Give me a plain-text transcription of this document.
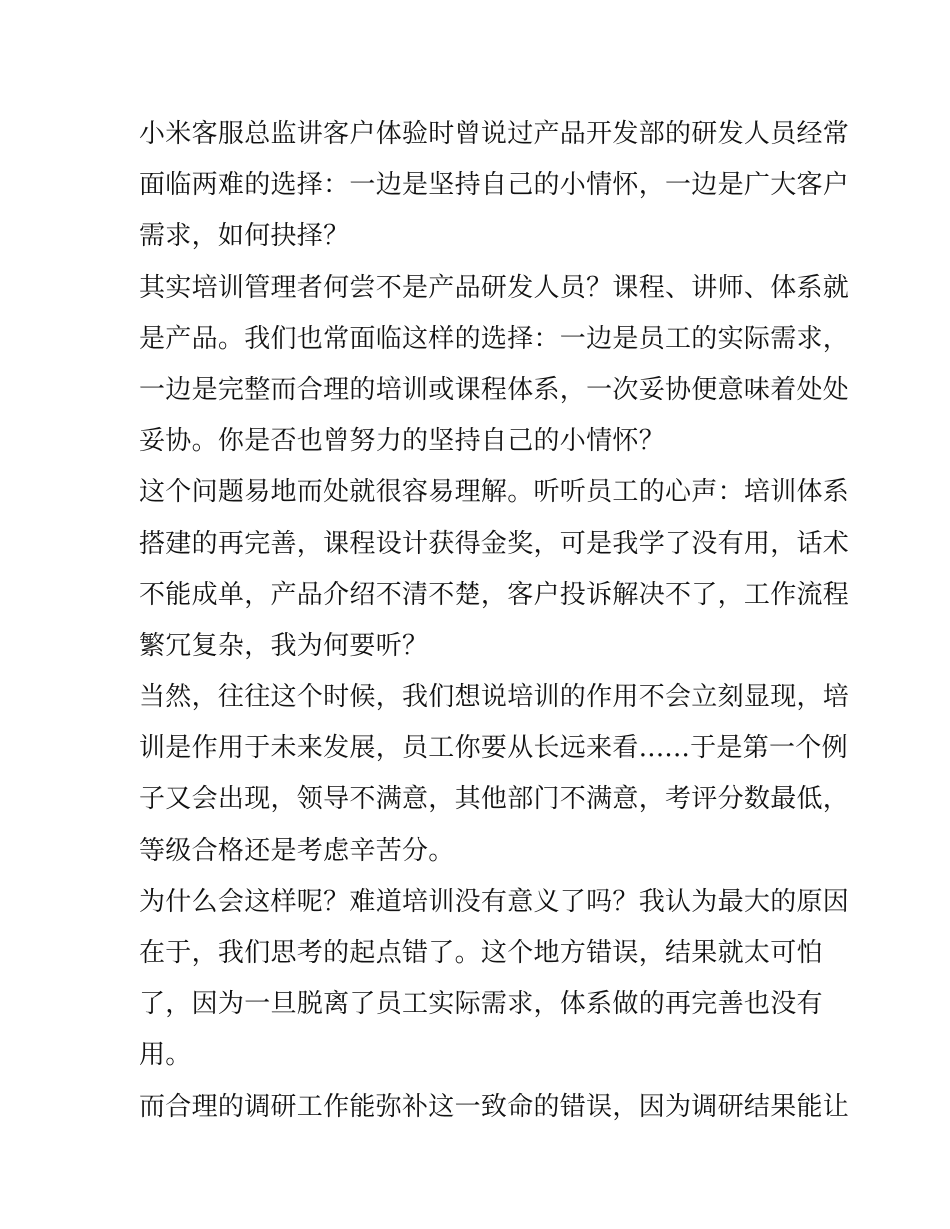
小米客服总监讲客户体验时曾说过产品开发部的研发人员经常
面临两难的选择：一边是坚持自己的小情怀，一边是广大客户
需求，如何抉择？
其实培训管理者何尝不是产品研发人员？课程、讲师、体系就
是产品。我们也常面临这样的选择：一边是员工的实际需求，
一边是完整而合理的培训或课程体系，一次妥协便意味着处处
妥协。你是否也曾努力的坚持自己的小情怀？
这个问题易地而处就很容易理解。听听员工的心声：培训体系
搭建的再完善，课程设计获得金奖，可是我学了没有用，话术
不能成单，产品介绍不清不楚，客户投诉解决不了，工作流程
繁冗复杂，我为何要听？
当然，往往这个时候，我们想说培训的作用不会立刻显现，培
训是作用于未来发展，员工你要从长远来看......于是第一个例
子又会出现，领导不满意，其他部门不满意，考评分数最低，
等级合格还是考虑辛苦分。
为什么会这样呢？难道培训没有意义了吗？我认为最大的原因
在于，我们思考的起点错了。这个地方错误，结果就太可怕
了，因为一旦脱离了员工实际需求，体系做的再完善也没有
用。
而合理的调研工作能弥补这一致命的错误，因为调研结果能让
